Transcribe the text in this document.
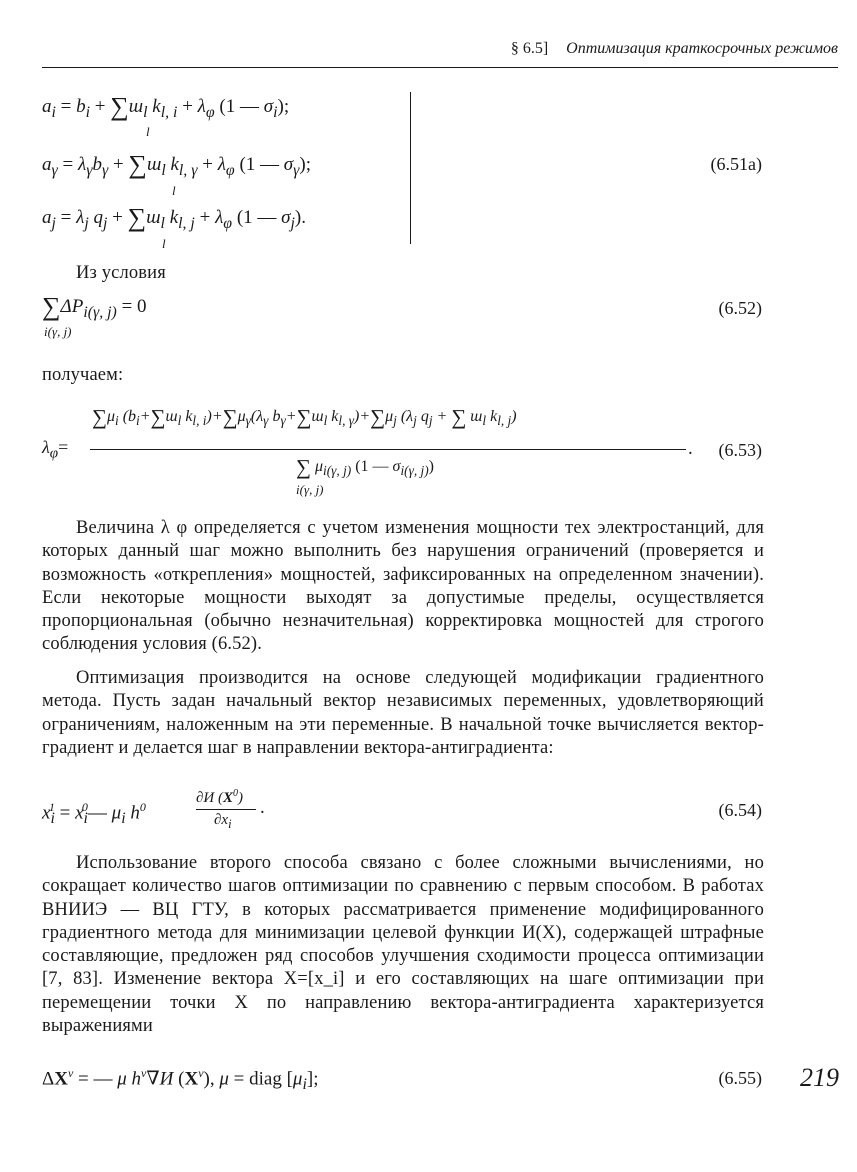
§ 6.5] Оптимизация краткосрочных режимов
$a_i = b_i + \sum ш_l$ $k_{l, i} + \lambda_\varphi$ (1 — $\sigma_i$);
l
$a_\gamma = \lambda_\gamma b_\gamma + \sum ш_l$ $k_{l, \gamma} + \lambda_\varphi$ (1 — $\sigma_\gamma$);
l
$a_j = \lambda_j$ $q_j + \sum ш_l$ $k_{l, j} + \lambda_\varphi$ (1 — $\sigma_j$).
l
(6.51a)
Из условия
$\sum\Delta P_{i(\gamma, j)} = 0$
i(γ, j)
(6.52)
получаем:
$\lambda_\varphi=$
$\sum\mu_i$ ($b_i+\sum ш_l$ $k_{l, i})+\sum\mu_\gamma(\lambda_\gamma$ $b_\gamma+\sum ш_l$ $k_{l, \gamma})+\sum\mu_j$ ($\lambda_j$ $q_j$ + ∑ $ш_l$ $k_{l, j}$)
.
∑ $\mu_{i(\gamma, j)}$ (1 — $\sigma_{i(\gamma, j)}$)
i(γ, j)
(6.53)
Величина λ φ определяется с учетом изменения мощности тех электростанций, для которых данный шаг можно выполнить без нарушения ограничений (проверяется и возможность «открепления» мощностей, зафиксированных на определенном значении). Если некоторые мощности выходят за допустимые пределы, осуществляется пропорциональная (обычно незначительная) корректировка мощностей для строгого соблюдения условия (6.52).
Оптимизация производится на основе следующей модификации градиентного метода. Пусть задан начальный вектор независимых переменных, удовлетворяющий ограничениям, наложенным на эти переменные. В начальной точке вычисляется вектор-градиент и делается шаг в направлении вектора-антиградиента:
$x_i^1$ = $x_i^0—$ $\mu_i$ $h^0$
∂И $(X^0)$
$\partial x_i$
.	(6.54)
Использование второго способа связано с более сложными вычислениями, но сокращает количество шагов оптимизации по сравнению с первым способом. В работах ВНИИЭ — ВЦ ГТУ, в которых рассматривается применение модифицированного градиентного метода для минимизации целевой функции И(X), содержащей штрафные составляющие, предложен ряд способов улучшения сходимости процесса оптимизации [7, 83]. Изменение вектора X=[x_i] и его составляющих на шаге оптимизации при перемещении точки X по направлению вектора-антиградиента характеризуется выражениями
$\Delta X^\nu$ = — μ $h^\nu\nabla И$ $(X^\nu)$, μ = diag $[\mu_i]$;	(6.55) 219
